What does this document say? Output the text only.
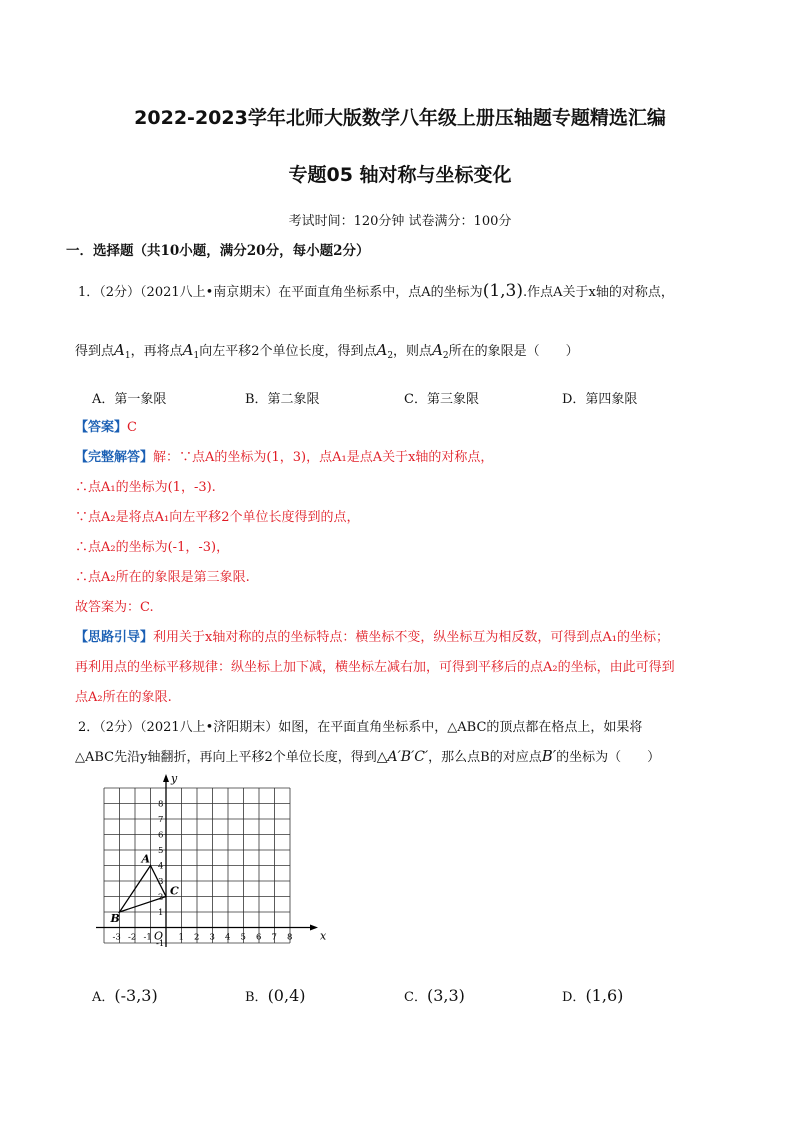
2022-2023学年北师大版数学八年级上册压轴题专题精选汇编
专题05 轴对称与坐标变化
考试时间：120分钟 试卷满分：100分
一．选择题（共10小题，满分20分，每小题2分）
1．（2分）（2021八上•南京期末）在平面直角坐标系中，点A的坐标为(1,3).作点A关于x轴的对称点，
得到点$A_1$，再将点$A_1$向左平移2个单位长度，得到点$A_2$，则点$A_2$所在的象限是（　　）
A．第一象限	B．第二象限	C．第三象限	D．第四象限
【答案】C
【完整解答】解：∵点A的坐标为(1，3)，点A₁是点A关于x轴的对称点，
∴点A₁的坐标为(1，-3).
∵点A₂是将点A₁向左平移2个单位长度得到的点，
∴点A₂的坐标为(-1，-3)，
∴点A₂所在的象限是第三象限.
故答案为：C.
【思路引导】利用关于x轴对称的点的坐标特点：横坐标不变，纵坐标互为相反数，可得到点A₁的坐标；
再利用点的坐标平移规律：纵坐标上加下减，横坐标左减右加，可得到平移后的点A₂的坐标，由此可得到
点A₂所在的象限.
2．（2分）（2021八上•济阳期末）如图，在平面直角坐标系中，△ABC的顶点都在格点上，如果将
△ABC先沿y轴翻折，再向上平移2个单位长度，得到△A′B′C′，那么点B的对应点B′的坐标为（　　）
x
y
O
-3 -2 -1	1 2 3 4 5 6 7 8
8
7
6
5
4
3
2
1
-1
A
B
C
A．(-3,3)	B．(0,4)	C．(3,3)	D．(1,6)
